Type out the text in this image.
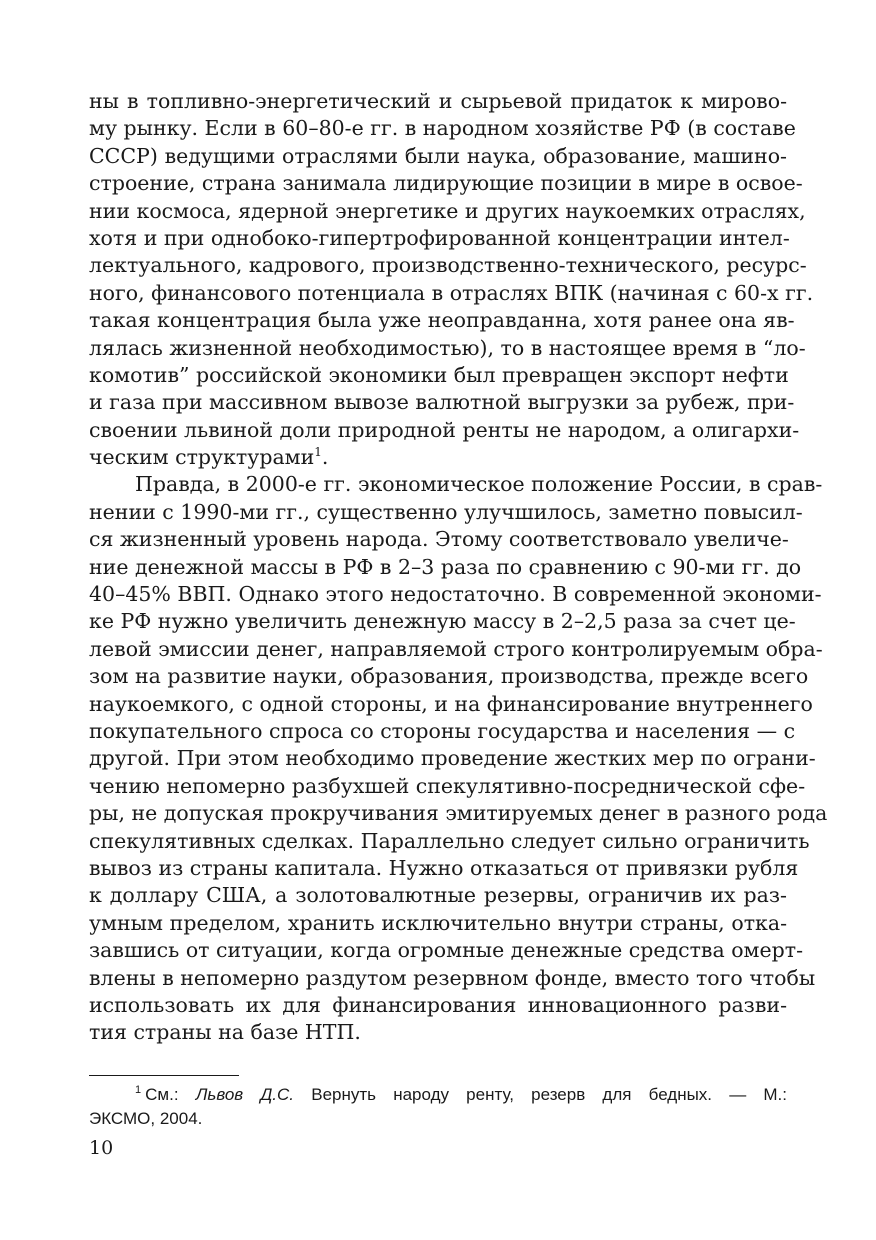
ны в топливно-энергетический и сырьевой придаток к мирово-
му рынку. Если в 60–80-е гг. в народном хозяйстве РФ (в составе
СССР) ведущими отраслями были наука, образование, машино-
строение, страна занимала лидирующие позиции в мире в освое-
нии космоса, ядерной энергетике и других наукоемких отраслях,
хотя и при однобоко-гипертрофированной концентрации интел-
лектуального, кадрового, производственно-технического, ресурс-
ного, финансового потенциала в отраслях ВПК (начиная с 60-х гг.
такая концентрация была уже неоправданна, хотя ранее она яв-
лялась жизненной необходимостью), то в настоящее время в “ло-
комотив” российской экономики был превращен экспорт нефти
и газа при массивном вывозе валютной выгрузки за рубеж, при-
своении львиной доли природной ренты не народом, а олигархи-
ческим структурами$^1$.
Правда, в 2000-е гг. экономическое положение России, в срав-
нении с 1990-ми гг., существенно улучшилось, заметно повысил-
ся жизненный уровень народа. Этому соответствовало увеличе-
ние денежной массы в РФ в 2–3 раза по сравнению с 90-ми гг. до
40–45% ВВП. Однако этого недостаточно. В современной экономи-
ке РФ нужно увеличить денежную массу в 2–2,5 раза за счет це-
левой эмиссии денег, направляемой строго контролируемым обра-
зом на развитие науки, образования, производства, прежде всего
наукоемкого, с одной стороны, и на финансирование внутреннего
покупательного спроса со стороны государства и населения — с
другой. При этом необходимо проведение жестких мер по ограни-
чению непомерно разбухшей спекулятивно-посреднической сфе-
ры, не допуская прокручивания эмитируемых денег в разного рода
спекулятивных сделках. Параллельно следует сильно ограничить
вывоз из страны капитала. Нужно отказаться от привязки рубля
к доллару США, а золотовалютные резервы, ограничив их раз-
умным пределом, хранить исключительно внутри страны, отка-
завшись от ситуации, когда огромные денежные средства омерт-
влены в непомерно раздутом резервном фонде, вместо того чтобы
использовать их для финансирования инновационного разви-
тия страны на базе НТП.
$^1$ См.: Львов Д.С. Вернуть народу ренту, резерв для бедных. — М.:
ЭКСМО, 2004.
10
